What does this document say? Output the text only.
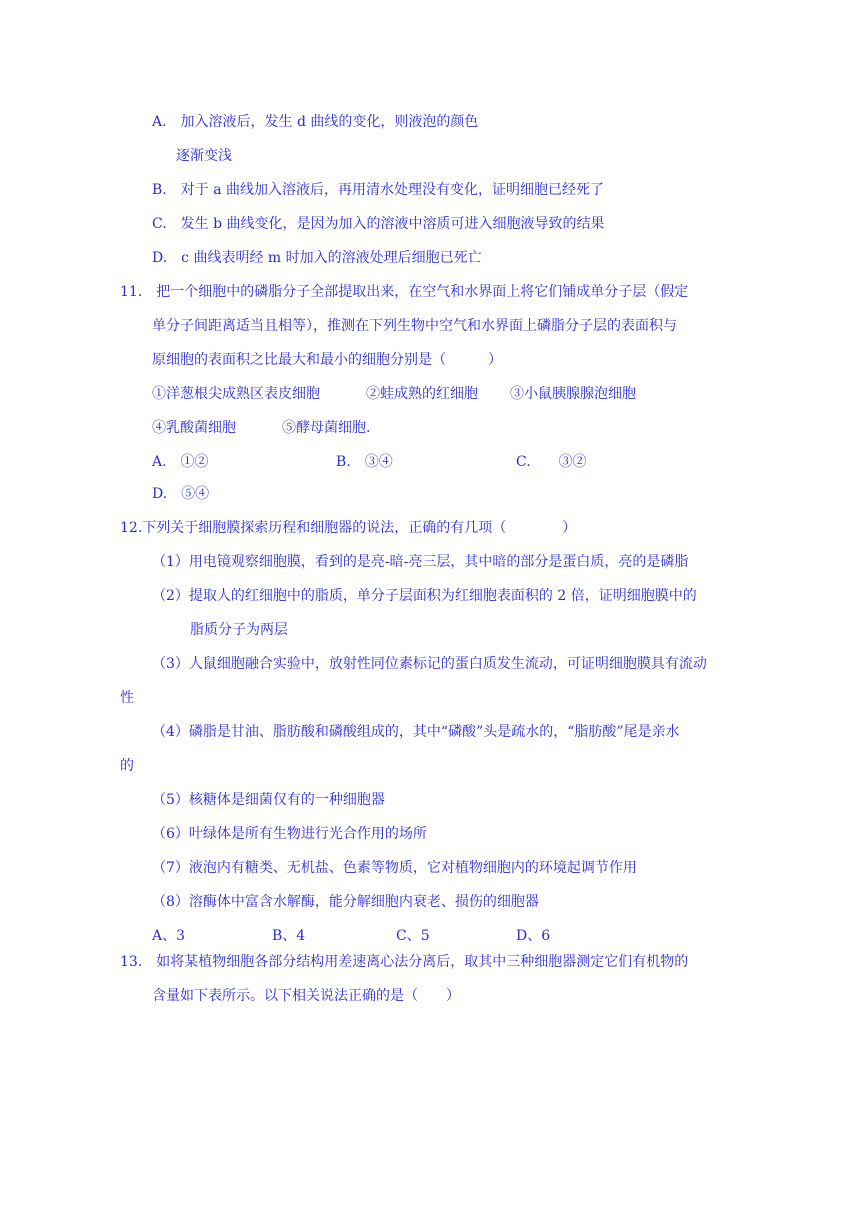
A.　加入溶液后，发生 d 曲线的变化，则液泡的颜色
逐渐变浅
B.　对于 a 曲线加入溶液后，再用清水处理没有变化，证明细胞已经死了
C.　发生 b 曲线变化，是因为加入的溶液中溶质可进入细胞液导致的结果
D.　c 曲线表明经 m 时加入的溶液处理后细胞已死亡
11.　把一个细胞中的磷脂分子全部提取出来，在空气和水界面上将它们铺成单分子层（假定
单分子间距离适当且相等），推测在下列生物中空气和水界面上磷脂分子层的表面积与
原细胞的表面积之比最大和最小的细胞分别是（　　　）
①洋葱根尖成熟区表皮细胞	②蛙成熟的红细胞 ③小鼠胰腺腺泡细胞
④乳酸菌细胞	⑤酵母菌细胞.
A.　①②	B.　③④	C.　　③②
D.　⑤④
12.下列关于细胞膜探索历程和细胞器的说法，正确的有几项（　　　　）
（1）用电镜观察细胞膜，看到的是亮-暗-亮三层，其中暗的部分是蛋白质，亮的是磷脂
（2）提取人的红细胞中的脂质，单分子层面积为红细胞表面积的 2 倍，证明细胞膜中的
脂质分子为两层
（3）人鼠细胞融合实验中，放射性同位素标记的蛋白质发生流动，可证明细胞膜具有流动
性
（4）磷脂是甘油、脂肪酸和磷酸组成的，其中“磷酸”头是疏水的，“脂肪酸”尾是亲水
的
（5）核糖体是细菌仅有的一种细胞器
（6）叶绿体是所有生物进行光合作用的场所
（7）液泡内有糖类、无机盐、色素等物质，它对植物细胞内的环境起调节作用
（8）溶酶体中富含水解酶，能分解细胞内衰老、损伤的细胞器
A、3	B、4	C、5	D、6
13.　如将某植物细胞各部分结构用差速离心法分离后，取其中三种细胞器测定它们有机物的
含量如下表所示。以下相关说法正确的是（　　）
